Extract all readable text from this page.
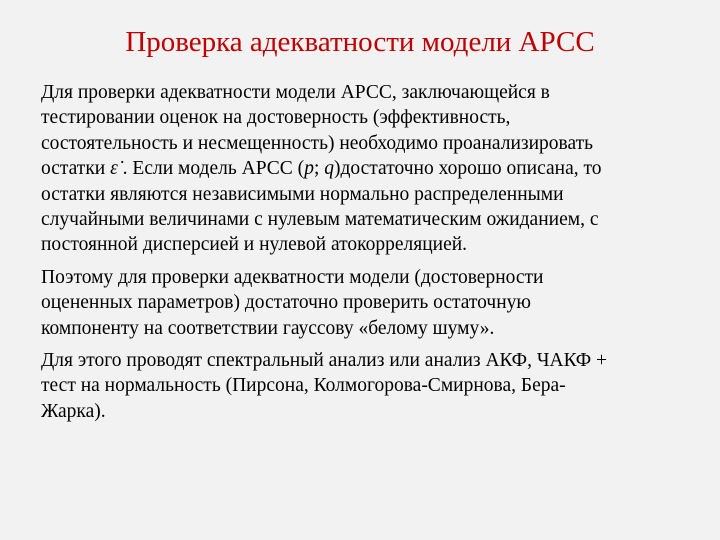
Проверка адекватности модели АРСС
Для проверки адекватности модели АРСС, заключающейся в
тестировании оценок на достоверность (эффективность,
состоятельность и несмещенность) необходимо проанализировать
остатки ε̇ . Если модель АРСС (p; q)достаточно хорошо описана, то
остатки являются независимыми нормально распределенными
случайными величинами с нулевым математическим ожиданием, с
постоянной дисперсией и нулевой атокорреляцией.
Поэтому для проверки адекватности модели (достоверности
оцененных параметров) достаточно проверить остаточную
компоненту на соответствии гауссову «белому шуму».
Для этого проводят спектральный анализ или анализ АКФ, ЧАКФ +
тест на нормальность (Пирсона, Колмогорова-Смирнова, Бера-
Жарка).
